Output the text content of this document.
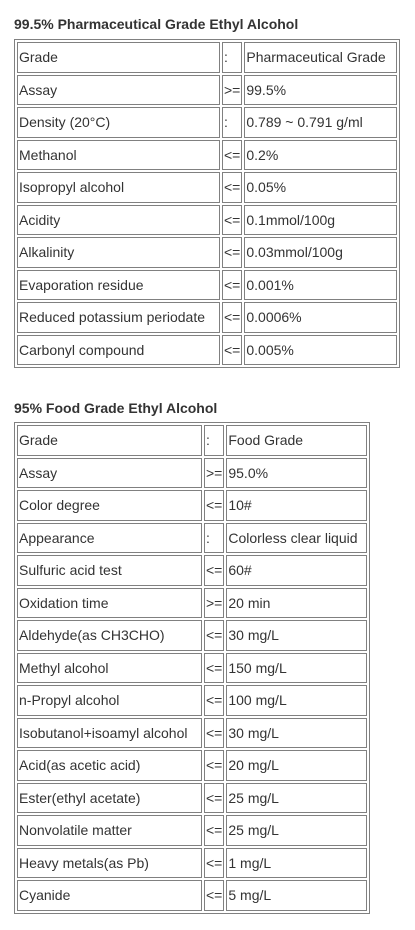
99.5% Pharmaceutical Grade Ethyl Alcohol
Grade	:	Pharmaceutical Grade
Assay	>=	99.5%
Density (20°C)	:	0.789 ~ 0.791 g/ml
Methanol	<=	0.2%
Isopropyl alcohol	<=	0.05%
Acidity	<=	0.1mmol/100g
Alkalinity	<=	0.03mmol/100g
Evaporation residue	<=	0.001%
Reduced potassium periodate	<=	0.0006%
Carbonyl compound	<=	0.005%
95% Food Grade Ethyl Alcohol
Grade	:	Food Grade
Assay	>=	95.0%
Color degree	<=	10#
Appearance	:	Colorless clear liquid
Sulfuric acid test	<=	60#
Oxidation time	>=	20 min
Aldehyde(as CH3CHO)	<=	30 mg/L
Methyl alcohol	<=	150 mg/L
n-Propyl alcohol	<=	100 mg/L
Isobutanol+isoamyl alcohol	<=	30 mg/L
Acid(as acetic acid)	<=	20 mg/L
Ester(ethyl acetate)	<=	25 mg/L
Nonvolatile matter	<=	25 mg/L
Heavy metals(as Pb)	<=	1 mg/L
Cyanide	<=	5 mg/L
